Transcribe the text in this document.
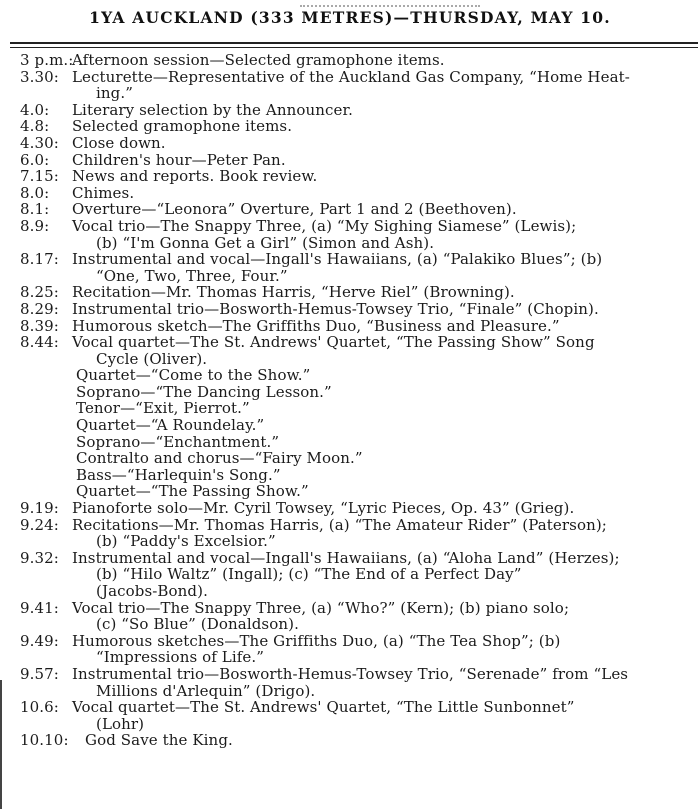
1YA AUCKLAND (333 METRES)—THURSDAY, MAY 10.
3 p.m.:
Afternoon session—Selected gramophone items.
3.30: Lecturette—Representative of the Auckland Gas Company, “Home Heat-
ing.”
4.0: Literary selection by the Announcer.
4.8: Selected gramophone items.
4.30: Close down.
6.0: Children's hour—Peter Pan.
7.15: News and reports. Book review.
8.0: Chimes.
8.1: Overture—“Leonora” Overture, Part 1 and 2 (Beethoven).
8.9: Vocal trio—The Snappy Three, (a) “My Sighing Siamese” (Lewis);
(b) “I'm Gonna Get a Girl” (Simon and Ash).
8.17: Instrumental and vocal—Ingall's Hawaiians, (a) “Palakiko Blues”; (b)
“One, Two, Three, Four.”
8.25: Recitation—Mr. Thomas Harris, “Herve Riel” (Browning).
8.29: Instrumental trio—Bosworth-Hemus-Towsey Trio, “Finale” (Chopin).
8.39: Humorous sketch—The Griffiths Duo, “Business and Pleasure.”
8.44: Vocal quartet—The St. Andrews' Quartet, “The Passing Show” Song
Cycle (Oliver).
Quartet—“Come to the Show.”
Soprano—“The Dancing Lesson.”
Tenor—“Exit, Pierrot.”
Quartet—“A Roundelay.”
Soprano—“Enchantment.”
Contralto and chorus—“Fairy Moon.”
Bass—“Harlequin's Song.”
Quartet—“The Passing Show.”
9.19: Pianoforte solo—Mr. Cyril Towsey, “Lyric Pieces, Op. 43” (Grieg).
9.24: Recitations—Mr. Thomas Harris, (a) “The Amateur Rider” (Paterson);
(b) “Paddy's Excelsior.”
9.32: Instrumental and vocal—Ingall's Hawaiians, (a) “Aloha Land” (Herzes);
(b) “Hilo Waltz” (Ingall); (c) “The End of a Perfect Day”
(Jacobs-Bond).
9.41: Vocal trio—The Snappy Three, (a) “Who?” (Kern); (b) piano solo;
(c) “So Blue” (Donaldson).
9.49: Humorous sketches—The Griffiths Duo, (a) “The Tea Shop”; (b)
“Impressions of Life.”
9.57: Instrumental trio—Bosworth-Hemus-Towsey Trio, “Serenade” from “Les
Millions d'Arlequin” (Drigo).
10.6: Vocal quartet—The St. Andrews' Quartet, “The Little Sunbonnet”
(Lohr)
10.10: God Save the King.
